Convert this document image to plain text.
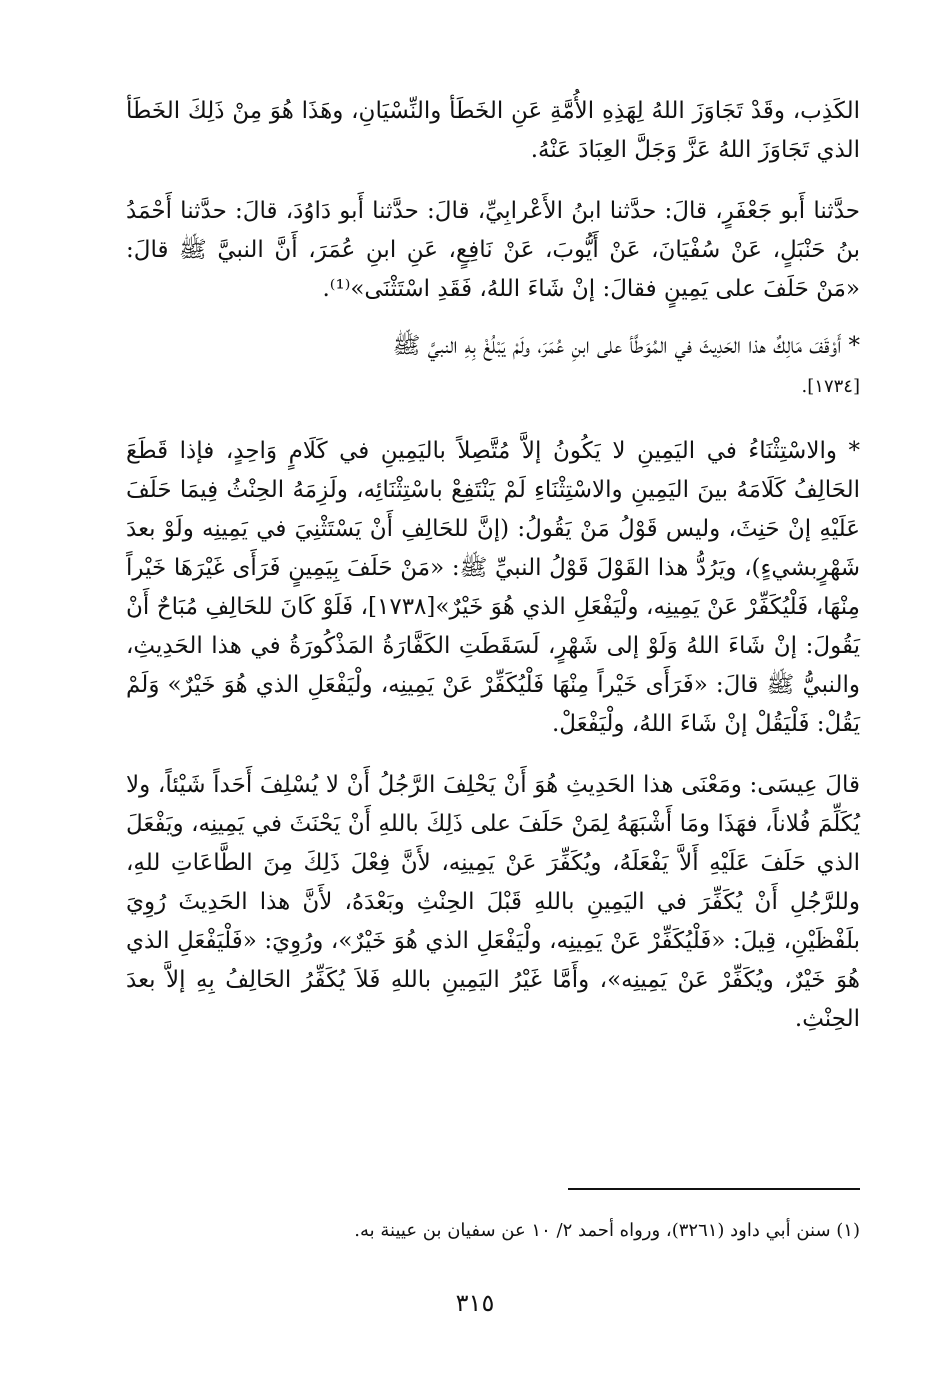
الكَذِب، وقَدْ تَجَاوَزَ اللهُ لِهَذِهِ الأُمَّةِ عَنِ الخَطَأ والنِّسْيَانِ، وهَذَا هُوَ مِنْ ذَلِكَ الخَطَأ الذي تَجَاوَزَ اللهُ عَزَّ وَجَلَّ العِبَادَ عَنْهُ.

حدَّثنا أَبو جَعْفَرٍ، قالَ: حدَّثنا ابنُ الأَعْرابِيِّ، قالَ: حدَّثنا أَبو دَاوُدَ، قالَ: حدَّثنا أَحْمَدُ بنُ حَنْبَلٍ، عَنْ سُفْيَانَ، عَنْ أَيُّوبَ، عَنْ نَافِعٍ، عَنِ ابنِ عُمَرَ، أَنَّ النبيَّ ﷺ قالَ: «مَنْ حَلَفَ على يَمِينٍ فقالَ: إنْ شَاءَ اللهُ، فَقَدِ اسْتَثْنَى»⁽¹⁾.

* أَوْقَفَ مَالِكٌ هذا الحَدِيثَ في المُوَطَّأ على ابنِ عُمَرَ، ولَمْ يَبْلُغْ بِهِ النبيَّ ﷺ

[١٧٣٤].

* والاسْتِثْنَاءُ في اليَمِينِ لا يَكُونُ إلاَّ مُتَّصِلاً باليَمِينِ في كَلَامٍ وَاحِدٍ، فإذا قَطَعَ الحَالِفُ كَلَامَهُ بينَ اليَمِينِ والاسْتِثْنَاءِ لَمْ يَنْتَفِعْ باسْتِثْنَائِه، ولَزِمَهُ الحِنْثُ فِيمَا حَلَفَ عَلَيْهِ إنْ حَنِثَ، وليس قَوْلُ مَنْ يَقُولُ: (إنَّ للحَالِفِ أَنْ يَسْتَثْنِيَ في يَمِينِه ولَوْ بعدَ شَهْرٍبشيءٍ)، ويَرُدُّ هذا القَوْلَ قَوْلُ النبيِّ ﷺ: «مَنْ حَلَفَ بِيَمِينٍ فَرَأَى غَيْرَهَا خَيْراً مِنْهَا، فَلْيُكَفِّرْ عَنْ يَمِينِه، ولْيَفْعَلِ الذي هُوَ خَيْرٌ»[١٧٣٨]، فَلَوْ كَانَ للحَالِفِ مُبَاحٌ أَنْ يَقُولَ: إنْ شَاءَ اللهُ وَلَوْ إلى شَهْرٍ، لَسَقَطَتِ الكَفَّارَةُ المَذْكُورَةُ في هذا الحَدِيثِ، والنبيُّ ﷺ قالَ: «فَرَأَى خَيْراً مِنْهَا فَلْيُكَفِّرْ عَنْ يَمِينِه، ولْيَفْعَلِ الذي هُوَ خَيْرٌ» وَلَمْ يَقُلْ: فَلْيَقُلْ إنْ شَاءَ اللهُ، ولْيَفْعَلْ.

قالَ عِيسَى: ومَعْنَى هذا الحَدِيثِ هُوَ أَنْ يَحْلِفَ الرَّجُلُ أَنْ لا يُسْلِفَ أَحَداً شَيْئاً، ولا يُكَلِّمَ فُلاناً، فهَذَا ومَا أَشْبَهَهُ لِمَنْ حَلَفَ على ذَلِكَ باللهِ أَنْ يَحْنَثَ في يَمِينِه، ويَفْعَلَ الذي حَلَفَ عَلَيْهِ أَلاَّ يَفْعَلَهُ، ويُكَفِّرَ عَنْ يَمِينِه، لأَنَّ فِعْلَ ذَلِكَ مِنَ الطَّاعَاتِ للهِ، وللرَّجُلِ أَنْ يُكَفِّرَ في اليَمِينِ باللهِ قَبْلَ الحِنْثِ وبَعْدَهُ، لأَنَّ هذا الحَدِيثَ رُوِيَ بلَفْظَيْنِ، قِيلَ: «فَلْيُكَفِّرْ عَنْ يَمِينِه، ولْيَفْعَلِ الذي هُوَ خَيْرٌ»، ورُوِيَ: «فَلْيَفْعَلِ الذي هُوَ خَيْرٌ، ويُكَفِّرْ عَنْ يَمِينِه»، وأَمَّا غَيْرُ اليَمِينِ باللهِ فَلاَ يُكَفِّرُ الحَالِفُ بِهِ إلاَّ بعدَ الحِنْثِ.

(١) سنن أبي داود (٣٢٦١)، ورواه أحمد ٢/ ١٠ عن سفيان بن عيينة به.
٣١٥
